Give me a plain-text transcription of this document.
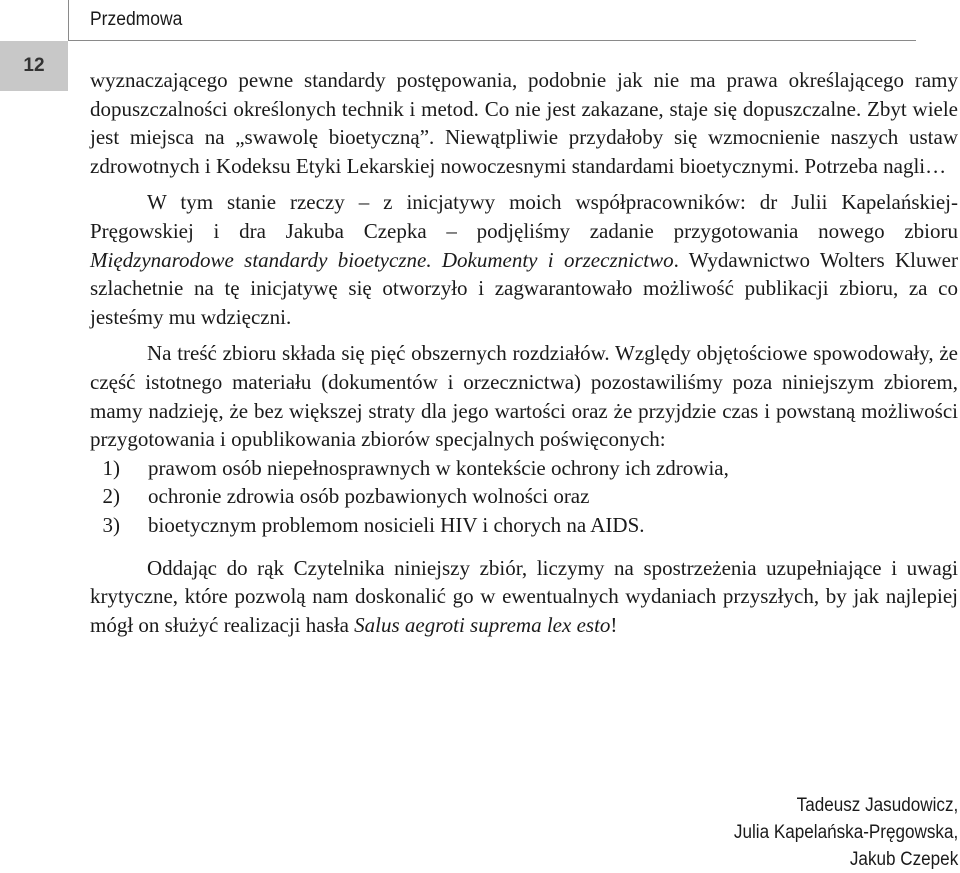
Przedmowa
12

wyznaczającego pewne standardy postępowania, podobnie jak nie ma prawa określającego ramy dopuszczalności określonych technik i metod. Co nie jest zakazane, staje się dopuszczalne. Zbyt wiele jest miejsca na „swawolę bioetyczną”. Niewątpliwie przydałoby się wzmocnienie naszych ustaw zdrowotnych i Kodeksu Etyki Lekarskiej nowoczesnymi standardami bioetycznymi. Potrzeba nagli…

W tym stanie rzeczy – z inicjatywy moich współpracowników: dr Julii Kapelańskiej-Pręgowskiej i dra Jakuba Czepka – podjęliśmy zadanie przygotowania nowego zbioru Międzynarodowe standardy bioetyczne. Dokumenty i orzecznictwo. Wydawnictwo Wolters Kluwer szlachetnie na tę inicjatywę się otworzyło i zagwarantowało możliwość publikacji zbioru, za co jesteśmy mu wdzięczni.

Na treść zbioru składa się pięć obszernych rozdziałów. Względy objętościowe spowodowały, że część istotnego materiału (dokumentów i orzecznictwa) pozostawiliśmy poza niniejszym zbiorem, mamy nadzieję, że bez większej straty dla jego wartości oraz że przyjdzie czas i powstaną możliwości przygotowania i opublikowania zbiorów specjalnych poświęconych:

1)	prawom osób niepełnosprawnych w kontekście ochrony ich zdrowia,
2)	ochronie zdrowia osób pozbawionych wolności oraz
3)	bioetycznym problemom nosicieli HIV i chorych na AIDS.

Oddając do rąk Czytelnika niniejszy zbiór, liczymy na spostrzeżenia uzupełniające i uwagi krytyczne, które pozwolą nam doskonalić go w ewentualnych wydaniach przyszłych, by jak najlepiej mógł on służyć realizacji hasła Salus aegroti suprema lex esto!

Tadeusz Jasudowicz,
Julia Kapelańska-Pręgowska,
Jakub Czepek
